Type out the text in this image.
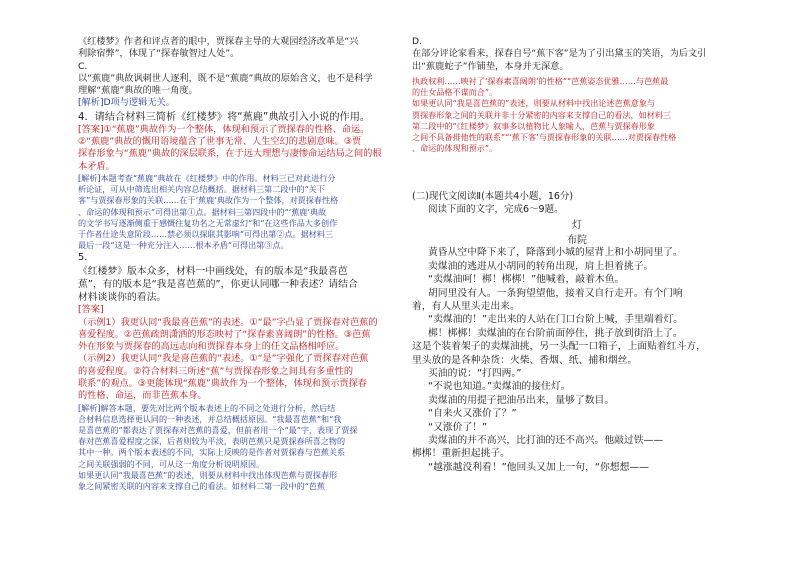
《红楼梦》作者和评点者的眼中，贾探春主导的大观园经济改革是“兴

利除宿弊”，体现了“探春敏智过人处”。

C.

以“蕉鹿”典故讽刺世人逐利，既不是“蕉鹿”典故的原始含义，也不是科学

理解“蕉鹿”典故的唯一角度。

[解析]D项与逻辑无关。

4．请结合材料三简析《红楼梦》将“蕉鹿”典故引入小说的作用。

[答案]①“蕉鹿”典故作为一个整体，体现和预示了贾探春的性格、命运。

②“蕉鹿”典故的慨用语境蕴含了世事无常、人生空幻的悲剧意味。③贾

探春形象与“蕉鹿”典故的深层联系，在于远大理想与凄惨命运结局之间的根

本矛盾。

[解析]本题考查“蕉鹿”典故在《红楼梦》中的作用。材料三已对此进行分

析论证，可从中筛选出相关内容总结概括。据材料三第二段中的“关下

客”与贾探春形象的关联……在于‘蕉鹿’典故作为一个整体，对贾探春性格

、命运的体现和预示”可得出第①点。据材料三第四段中的“‘蕉鹿’典故

的文学书写逐渐侧重于感慨往复功名之无常虚幻”和“在这些作品大多创作

于作者仕途失意阶段……禁必须以探联其影响”可得出第②点。据材料三

最后一段“这是一种充分注入……根本矛盾”可得出第③点。

5．

《红楼梦》版本众多，材料一中画线处，有的版本是“我最喜芭

蕉”，有的版本是“我是喜芭蕉的”，你更认同哪一种表述？请结合

材料谈谈你的看法。

[答案]

（示例1）我更认同“我最喜芭蕉”的表述。①“最”字凸显了贾探春对芭蕉的

喜爱程度。②芭蕉疏朗潇洒的形态映衬了“探春素喜阔朗”的性格。③芭蕉

外在形象与贾探春的高远志向和贾探春本身上的任文品格相呼应。

（示例2）我更认同“我是喜芭蕉的”表述。①“是”字强化了贾探春对芭蕉

的喜爱程度。②符合材料三所述“蕉”与贾探春形象之间具有多重性的

联系”的观点。③更能体现“蕉鹿”典故作为一个整体，体现和预示贾探春

的性格、命运，而非芭蕉本身。

[解析]解答本题，要先对比两个版本表述上的不同之处进行分析，然后结

合材料信息选择更认同的一种表述，并总结概括原因。“我最喜芭蕉”和“我

是喜芭蕉的”都表达了贾探春对芭蕉的喜爱，但前者用一个“最”字，表现了贾探

春对芭蕉喜爱程度之深，后者则较为平淡，表明芭蕉只是贾探春所喜之物的

其中一种。两个版本表述的不同，实际上反映的是作者对贾探春与芭蕉关系

之间关联强弱的不同，可从这一角度分析说明原因。

如果更认同“我最喜芭蕉”的表述，则要从材料中找出体现芭蕉与贾探春形

象之间紧密关联的内容来支撑自己的看法。如材料二第一段中的“芭蕉

D.

在部分评论家看来，探春自号“蕉下客”是为了引出黛玉的笑语，为后文引

出“蕉鹿蛇子”作铺垫，本身并无深意。

执政权利……映衬了‘探春素喜阔朗’的性格”“芭蕉姿态优雅……与芭蕉最

的仕女品格不谋而合”。

如果更认同“我是喜芭蕉的”表述，则要从材料中找出论述芭蕉意象与

贾探春形象之间的关联并非十分紧密的内容来支撑自己的看法，如材料三

第二段中的“《红楼梦》叙事多以植物比人象喻人，芭蕉与贾探春形象

之间不具备排他性的联系”“‘蕉下客’与贾探春形象的关联……对贾探春性格

、命运的体现和预示”。

(二)现代文阅读Ⅱ(本题共4小题，16分)

阅读下面的文字，完成6～9题。

灯

布院

黄昏从空中降下来了，降落到小城的屋背上和小胡同里了。

卖煤油的逃进从小胡同的转角出现，肩上担着挑子。

“卖煤油呵！梆！梆梆！”他喊着，敲着木鱼。

胡同里没有人。一条狗望望他，接着又自行走开。有个门响

着，有人从里头走出来。

“卖煤油的！”走出来的人站在门口台阶上喊，手里端着灯。

梆！梆梆！卖煤油的在台阶前面停住，挑子放到街沿上了。

这是个装着架子的卖煤油挑，另一头配一口箱子，上面贴着红斗方，

里头放的是各种杂货：火柴、香烟、纸、捕和烟丝。

买油的说：“打四两。”

“不说也知道。”卖煤油的接住灯。

卖煤油的用提子把油吊出来，量够了数目。

“自来火又涨价了？”

“又涨价了！”

卖煤油的并不高兴，比打油的还不高兴。他敲过铁——

梆梆！重新担起挑子。

“越涨越没利看！”他回头又加上一句，“你想想——
